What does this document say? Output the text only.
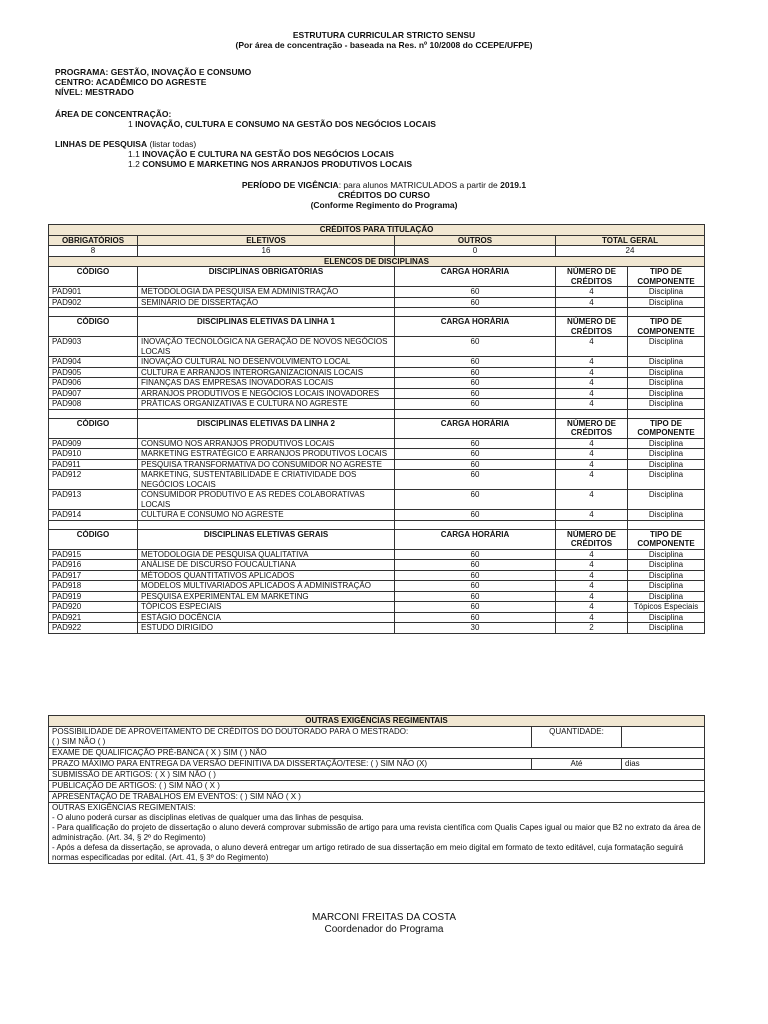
ESTRUTURA CURRICULAR STRICTO SENSU
(Por área de concentração - baseada na Res. nº 10/2008 do CCEPE/UFPE)
PROGRAMA: GESTÃO, INOVAÇÃO E CONSUMO
CENTRO: ACADÊMICO DO AGRESTE
NÍVEL: MESTRADO
ÁREA DE CONCENTRAÇÃO:
1 INOVAÇÃO, CULTURA E CONSUMO NA GESTÃO DOS NEGÓCIOS LOCAIS
LINHAS DE PESQUISA (listar todas)
1.1 INOVAÇÃO E CULTURA NA GESTÃO DOS NEGÓCIOS LOCAIS
1.2 CONSUMO E MARKETING NOS ARRANJOS PRODUTIVOS LOCAIS
PERÍODO DE VIGÊNCIA: para alunos MATRICULADOS a partir de 2019.1
CRÉDITOS DO CURSO
(Conforme Regimento do Programa)
CRÉDITOS PARA TITULAÇÃO				
OBRIGATÓRIOS	ELETIVOS	OUTROS	TOTAL GERAL	
8	16	0	24	
ELENCOS DE DISCIPLINAS				
CÓDIGO	DISCIPLINAS OBRIGATÓRIAS	CARGA HORÁRIA	NÚMERO DE CRÉDITOS	TIPO DE COMPONENTE
PAD901	METODOLOGIA DA PESQUISA EM ADMINISTRAÇÃO	60	4	Disciplina
PAD902	SEMINÁRIO DE DISSERTAÇÃO	60	4	Disciplina

CÓDIGO	DISCIPLINAS ELETIVAS DA LINHA 1	CARGA HORÁRIA	NÚMERO DE CRÉDITOS	TIPO DE COMPONENTE
PAD903	INOVAÇÃO TECNOLÓGICA NA GERAÇÃO DE NOVOS NEGÓCIOS LOCAIS	60	4	Disciplina
PAD904	INOVAÇÃO CULTURAL NO DESENVOLVIMENTO LOCAL	60	4	Disciplina
PAD905	CULTURA E ARRANJOS INTERORGANIZACIONAIS LOCAIS	60	4	Disciplina
PAD906	FINANÇAS DAS EMPRESAS INOVADORAS LOCAIS	60	4	Disciplina
PAD907	ARRANJOS PRODUTIVOS E NEGÓCIOS LOCAIS INOVADORES	60	4	Disciplina
PAD908	PRÁTICAS ORGANIZATIVAS E CULTURA NO AGRESTE	60	4	Disciplina

CÓDIGO	DISCIPLINAS ELETIVAS DA LINHA 2	CARGA HORÁRIA	NÚMERO DE CRÉDITOS	TIPO DE COMPONENTE
PAD909	CONSUMO NOS ARRANJOS PRODUTIVOS LOCAIS	60	4	Disciplina
PAD910	MARKETING ESTRATÉGICO E ARRANJOS PRODUTIVOS LOCAIS	60	4	Disciplina
PAD911	PESQUISA TRANSFORMATIVA DO CONSUMIDOR NO AGRESTE	60	4	Disciplina
PAD912	MARKETING, SUSTENTABILIDADE E CRIATIVIDADE DOS NEGÓCIOS LOCAIS	60	4	Disciplina
PAD913	CONSUMIDOR PRODUTIVO E AS REDES COLABORATIVAS LOCAIS	60	4	Disciplina
PAD914	CULTURA E CONSUMO NO AGRESTE	60	4	Disciplina

CÓDIGO	DISCIPLINAS ELETIVAS GERAIS	CARGA HORÁRIA	NÚMERO DE CRÉDITOS	TIPO DE COMPONENTE
PAD915	METODOLOGIA DE PESQUISA QUALITATIVA	60	4	Disciplina
PAD916	ANÁLISE DE DISCURSO FOUCAULTIANA	60	4	Disciplina
PAD917	MÉTODOS QUANTITATIVOS APLICADOS	60	4	Disciplina
PAD918	MODELOS MULTIVARIADOS APLICADOS À ADMINISTRAÇÃO	60	4	Disciplina
PAD919	PESQUISA EXPERIMENTAL EM MARKETING	60	4	Disciplina
PAD920	TÓPICOS ESPECIAIS	60	4	Tópicos Especiais
PAD921	ESTÁGIO DOCÊNCIA	60	4	Disciplina
PAD922	ESTUDO DIRIGIDO	30	2	Disciplina
OUTRAS EXIGÊNCIAS REGIMENTAIS		

POSSIBILIDADE DE APROVEITAMENTO DE CRÉDITOS DO DOUTORADO PARA O MESTRADO:
( ) SIM NÃO ( )	QUANTIDADE:	
EXAME DE QUALIFICAÇÃO PRÉ-BANCA ( X ) SIM ( ) NÃO		
PRAZO MÁXIMO PARA ENTREGA DA VERSÃO DEFINITIVA DA DISSERTAÇÃO/TESE: ( ) SIM NÃO (X)	Até	dias
SUBMISSÃO DE ARTIGOS: ( X ) SIM NÃO ( )		
PUBLICAÇÃO DE ARTIGOS: ( ) SIM NÃO ( X )		
APRESENTAÇÃO DE TRABALHOS EM EVENTOS: ( ) SIM NÃO ( X )		

OUTRAS EXIGÊNCIAS REGIMENTAIS:
- O aluno poderá cursar as disciplinas eletivas de qualquer uma das linhas de pesquisa.
- Para qualificação do projeto de dissertação o aluno deverá comprovar submissão de artigo para uma revista científica com Qualis Capes igual ou maior que B2 no extrato da área de administração. (Art. 34, § 2º do Regimento)
- Após a defesa da dissertação, se aprovada, o aluno deverá entregar um artigo retirado de sua dissertação em meio digital em formato de texto editável, cuja formatação seguirá normas especificadas por edital. (Art. 41, § 3º do Regimento)		
MARCONI FREITAS DA COSTA
Coordenador do Programa
